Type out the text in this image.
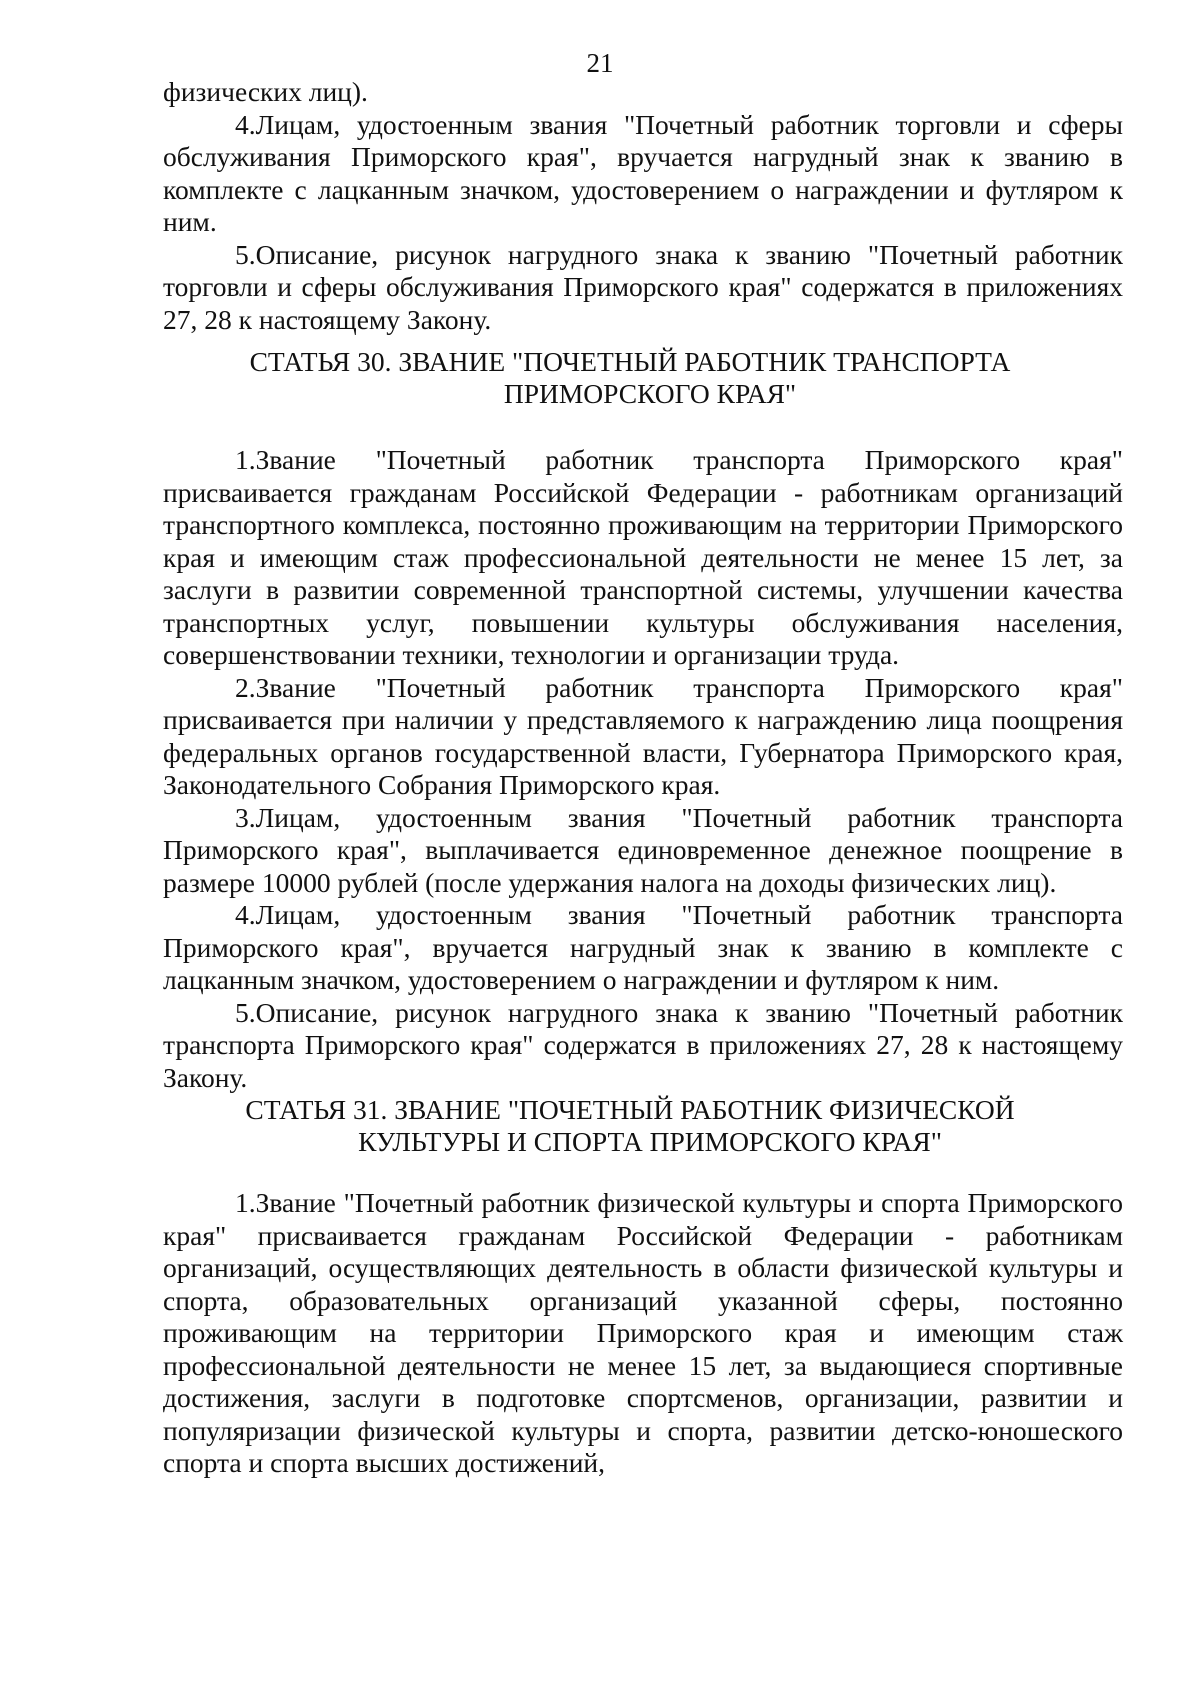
21

физических лиц).

4.Лицам, удостоенным звания "Почетный работник торговли и сферы обслуживания Приморского края", вручается нагрудный знак к званию в комплекте с лацканным значком, удостоверением о награждении и футляром к ним.

5.Описание, рисунок нагрудного знака к званию "Почетный работник торговли и сферы обслуживания Приморского края" содержатся в приложениях 27, 28 к настоящему Закону.

СТАТЬЯ 30. ЗВАНИЕ "ПОЧЕТНЫЙ РАБОТНИК ТРАНСПОРТА
ПРИМОРСКОГО КРАЯ"

1.Звание "Почетный работник транспорта Приморского края" присваивается гражданам Российской Федерации - работникам организаций транспортного комплекса, постоянно проживающим на территории Приморского края и имеющим стаж профессиональной деятельности не менее 15 лет, за заслуги в развитии современной транспортной системы, улучшении качества транспортных услуг, повышении культуры обслуживания населения, совершенствовании техники, технологии и организации труда.

2.Звание "Почетный работник транспорта Приморского края" присваивается при наличии у представляемого к награждению лица поощрения федеральных органов государственной власти, Губернатора Приморского края, Законодательного Собрания Приморского края.

3.Лицам, удостоенным звания "Почетный работник транспорта Приморского края", выплачивается единовременное денежное поощрение в размере 10000 рублей (после удержания налога на доходы физических лиц).

4.Лицам, удостоенным звания "Почетный работник транспорта Приморского края", вручается нагрудный знак к званию в комплекте с лацканным значком, удостоверением о награждении и футляром к ним.

5.Описание, рисунок нагрудного знака к званию "Почетный работник транспорта Приморского края" содержатся в приложениях 27, 28 к настоящему Закону.

СТАТЬЯ 31. ЗВАНИЕ "ПОЧЕТНЫЙ РАБОТНИК ФИЗИЧЕСКОЙ
КУЛЬТУРЫ И СПОРТА ПРИМОРСКОГО КРАЯ"

1.Звание "Почетный работник физической культуры и спорта Приморского края" присваивается гражданам Российской Федерации - работникам организаций, осуществляющих деятельность в области физической культуры и спорта, образовательных организаций указанной сферы, постоянно проживающим на территории Приморского края и имеющим стаж профессиональной деятельности не менее 15 лет, за выдающиеся спортивные достижения, заслуги в подготовке спортсменов, организации, развитии и популяризации физической культуры и спорта, развитии детско-юношеского спорта и спорта высших достижений,
